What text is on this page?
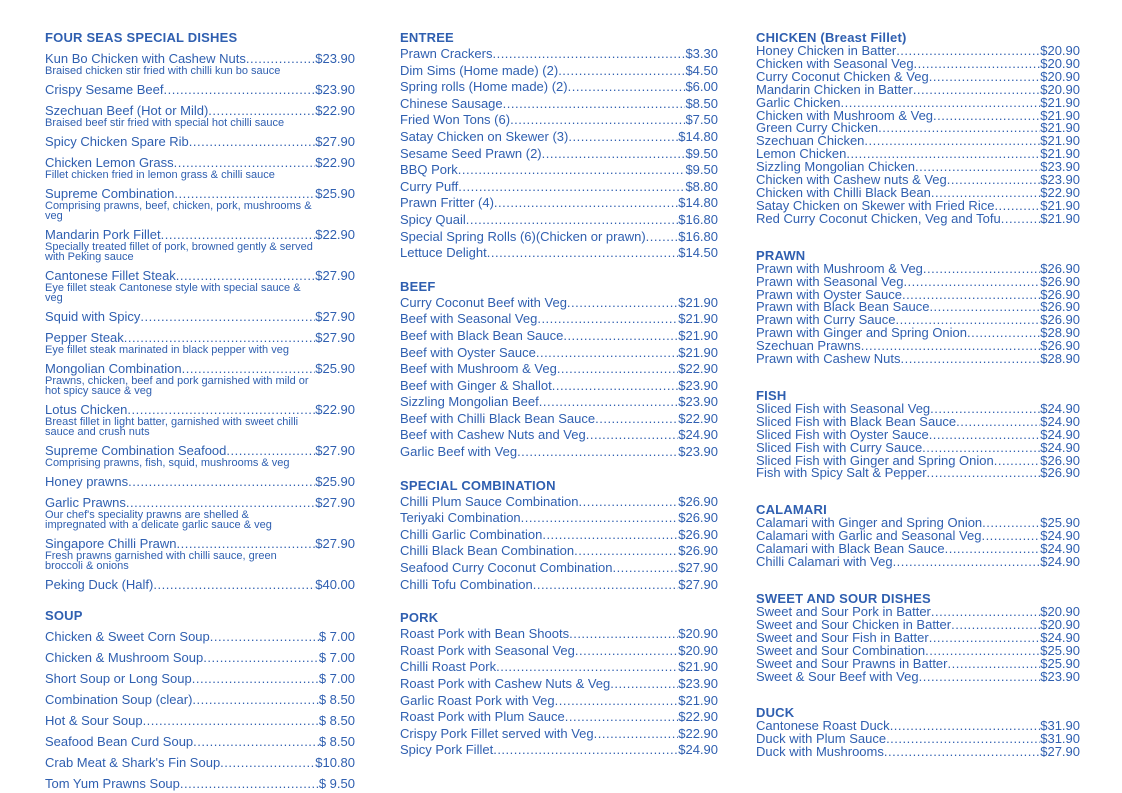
FOUR SEAS SPECIAL DISHES
Kun Bo Chicken with Cashew Nuts .....	$23.90
Braised chicken stir fried with chilli kun bo sauce
Crispy Sesame Beef .....	$23.90
Szechuan Beef (Hot or Mild) .....	$22.90
Braised beef stir fried with special hot chilli sauce
Spicy Chicken Spare Rib .....	$27.90
Chicken Lemon Grass .....	$22.90
Fillet chicken fried in lemon grass & chilli sauce
Supreme Combination .....	$25.90
Comprising prawns, beef, chicken, pork, mushrooms & veg
Mandarin Pork Fillet .....	$22.90
Specially treated fillet of pork, browned gently & served with Peking sauce
Cantonese Fillet Steak .....	$27.90
Eye fillet steak Cantonese style with special sauce & veg
Squid with Spicy .....	$27.90
Pepper Steak .....	$27.90
Eye fillet steak marinated in black pepper with veg
Mongolian Combination .....	$25.90
Prawns, chicken, beef and pork garnished with mild or hot spicy sauce & veg
Lotus Chicken .....	$22.90
Breast fillet in light batter, garnished with sweet chilli sauce and crush nuts
Supreme Combination Seafood .....	$27.90
Comprising prawns, fish, squid, mushrooms & veg
Honey prawns .....	$25.90
Garlic Prawns .....	$27.90
Our chef's speciality prawns are shelled & impregnated with a delicate garlic sauce & veg
Singapore Chilli Prawn .....	$27.90
Fresh prawns garnished with chilli sauce, green broccoli & onions
Peking Duck (Half) .....	$40.00
SOUP
Chicken & Sweet Corn Soup .....	$ 7.00
Chicken & Mushroom Soup .....	$ 7.00
Short Soup or Long Soup .....	$ 7.00
Combination Soup (clear) .....	$ 8.50
Hot & Sour Soup .....	$ 8.50
Seafood Bean Curd Soup .....	$ 8.50
Crab Meat & Shark's Fin Soup .....	$10.80
Tom Yum Prawns Soup .....	$ 9.50
ENTREE
Prawn Crackers .....	$3.30
Dim Sims (Home made) (2) .....	$4.50
Spring rolls (Home made) (2) .....	$6.00
Chinese Sausage .....	$8.50
Fried Won Tons (6) .....	$7.50
Satay Chicken on Skewer (3) .....	$14.80
Sesame Seed Prawn (2) .....	$9.50
BBQ Pork .....	$9.50
Curry Puff .....	$8.80
Prawn Fritter (4) .....	$14.80
Spicy Quail .....	$16.80
Special Spring Rolls (6)(Chicken or prawn) .....	$16.80
Lettuce Delight .....	$14.50
BEEF
Curry Coconut Beef with Veg .....	$21.90
Beef with Seasonal Veg .....	$21.90
Beef with Black Bean Sauce .....	$21.90
Beef with Oyster Sauce .....	$21.90
Beef with Mushroom & Veg .....	$22.90
Beef with Ginger & Shallot .....	$23.90
Sizzling Mongolian Beef .....	$23.90
Beef with Chilli Black Bean Sauce .....	$22.90
Beef with Cashew Nuts and Veg .....	$24.90
Garlic Beef with Veg .....	$23.90
SPECIAL COMBINATION
Chilli Plum Sauce Combination .....	$26.90
Teriyaki Combination .....	$26.90
Chilli Garlic Combination .....	$26.90
Chilli Black Bean Combination .....	$26.90
Seafood Curry Coconut Combination .....	$27.90
Chilli Tofu Combination .....	$27.90
PORK
Roast Pork with Bean Shoots .....	$20.90
Roast Pork with Seasonal Veg .....	$20.90
Chilli Roast Pork .....	$21.90
Roast Pork with Cashew Nuts & Veg .....	$23.90
Garlic Roast Pork with Veg .....	$21.90
Roast Pork with Plum Sauce .....	$22.90
Crispy Pork Fillet served with Veg .....	$22.90
Spicy Pork Fillet .....	$24.90
CHICKEN (Breast Fillet)
Honey Chicken in Batter .....	$20.90
Chicken with Seasonal Veg .....	$20.90
Curry Coconut Chicken & Veg .....	$20.90
Mandarin Chicken in Batter .....	$20.90
Garlic Chicken .....	$21.90
Chicken with Mushroom & Veg .....	$21.90
Green Curry Chicken .....	$21.90
Szechuan Chicken .....	$21.90
Lemon Chicken .....	$21.90
Sizzling Mongolian Chicken .....	$23.90
Chicken with Cashew nuts & Veg .....	$23.90
Chicken with Chilli Black Bean .....	$22.90
Satay Chicken on Skewer with Fried Rice .....	$21.90
Red Curry Coconut Chicken, Veg and Tofu .....	$21.90
PRAWN
Prawn with Mushroom & Veg .....	$26.90
Prawn with Seasonal Veg .....	$26.90
Prawn with Oyster Sauce .....	$26.90
Prawn with Black Bean Sauce .....	$26.90
Prawn with Curry Sauce .....	$26.90
Prawn with Ginger and Spring Onion .....	$28.90
Szechuan Prawns .....	$26.90
Prawn with Cashew Nuts .....	$28.90
FISH
Sliced Fish with Seasonal Veg .....	$24.90
Sliced Fish with Black Bean Sauce .....	$24.90
Sliced Fish with Oyster Sauce .....	$24.90
Sliced Fish with Curry Sauce .....	$24.90
Sliced Fish with Ginger and Spring Onion .....	$26.90
Fish with Spicy Salt & Pepper .....	$26.90
CALAMARI
Calamari with Ginger and Spring Onion .....	$25.90
Calamari with Garlic and Seasonal Veg .....	$24.90
Calamari with Black Bean Sauce .....	$24.90
Chilli Calamari with Veg .....	$24.90
SWEET AND SOUR DISHES
Sweet and Sour Pork in Batter .....	$20.90
Sweet and Sour Chicken in Batter .....	$20.90
Sweet and Sour Fish in Batter .....	$24.90
Sweet and Sour Combination .....	$25.90
Sweet and Sour Prawns in Batter .....	$25.90
Sweet & Sour Beef with Veg .....	$23.90
DUCK
Cantonese Roast Duck .....	$31.90
Duck with Plum Sauce .....	$31.90
Duck with Mushrooms .....	$27.90
